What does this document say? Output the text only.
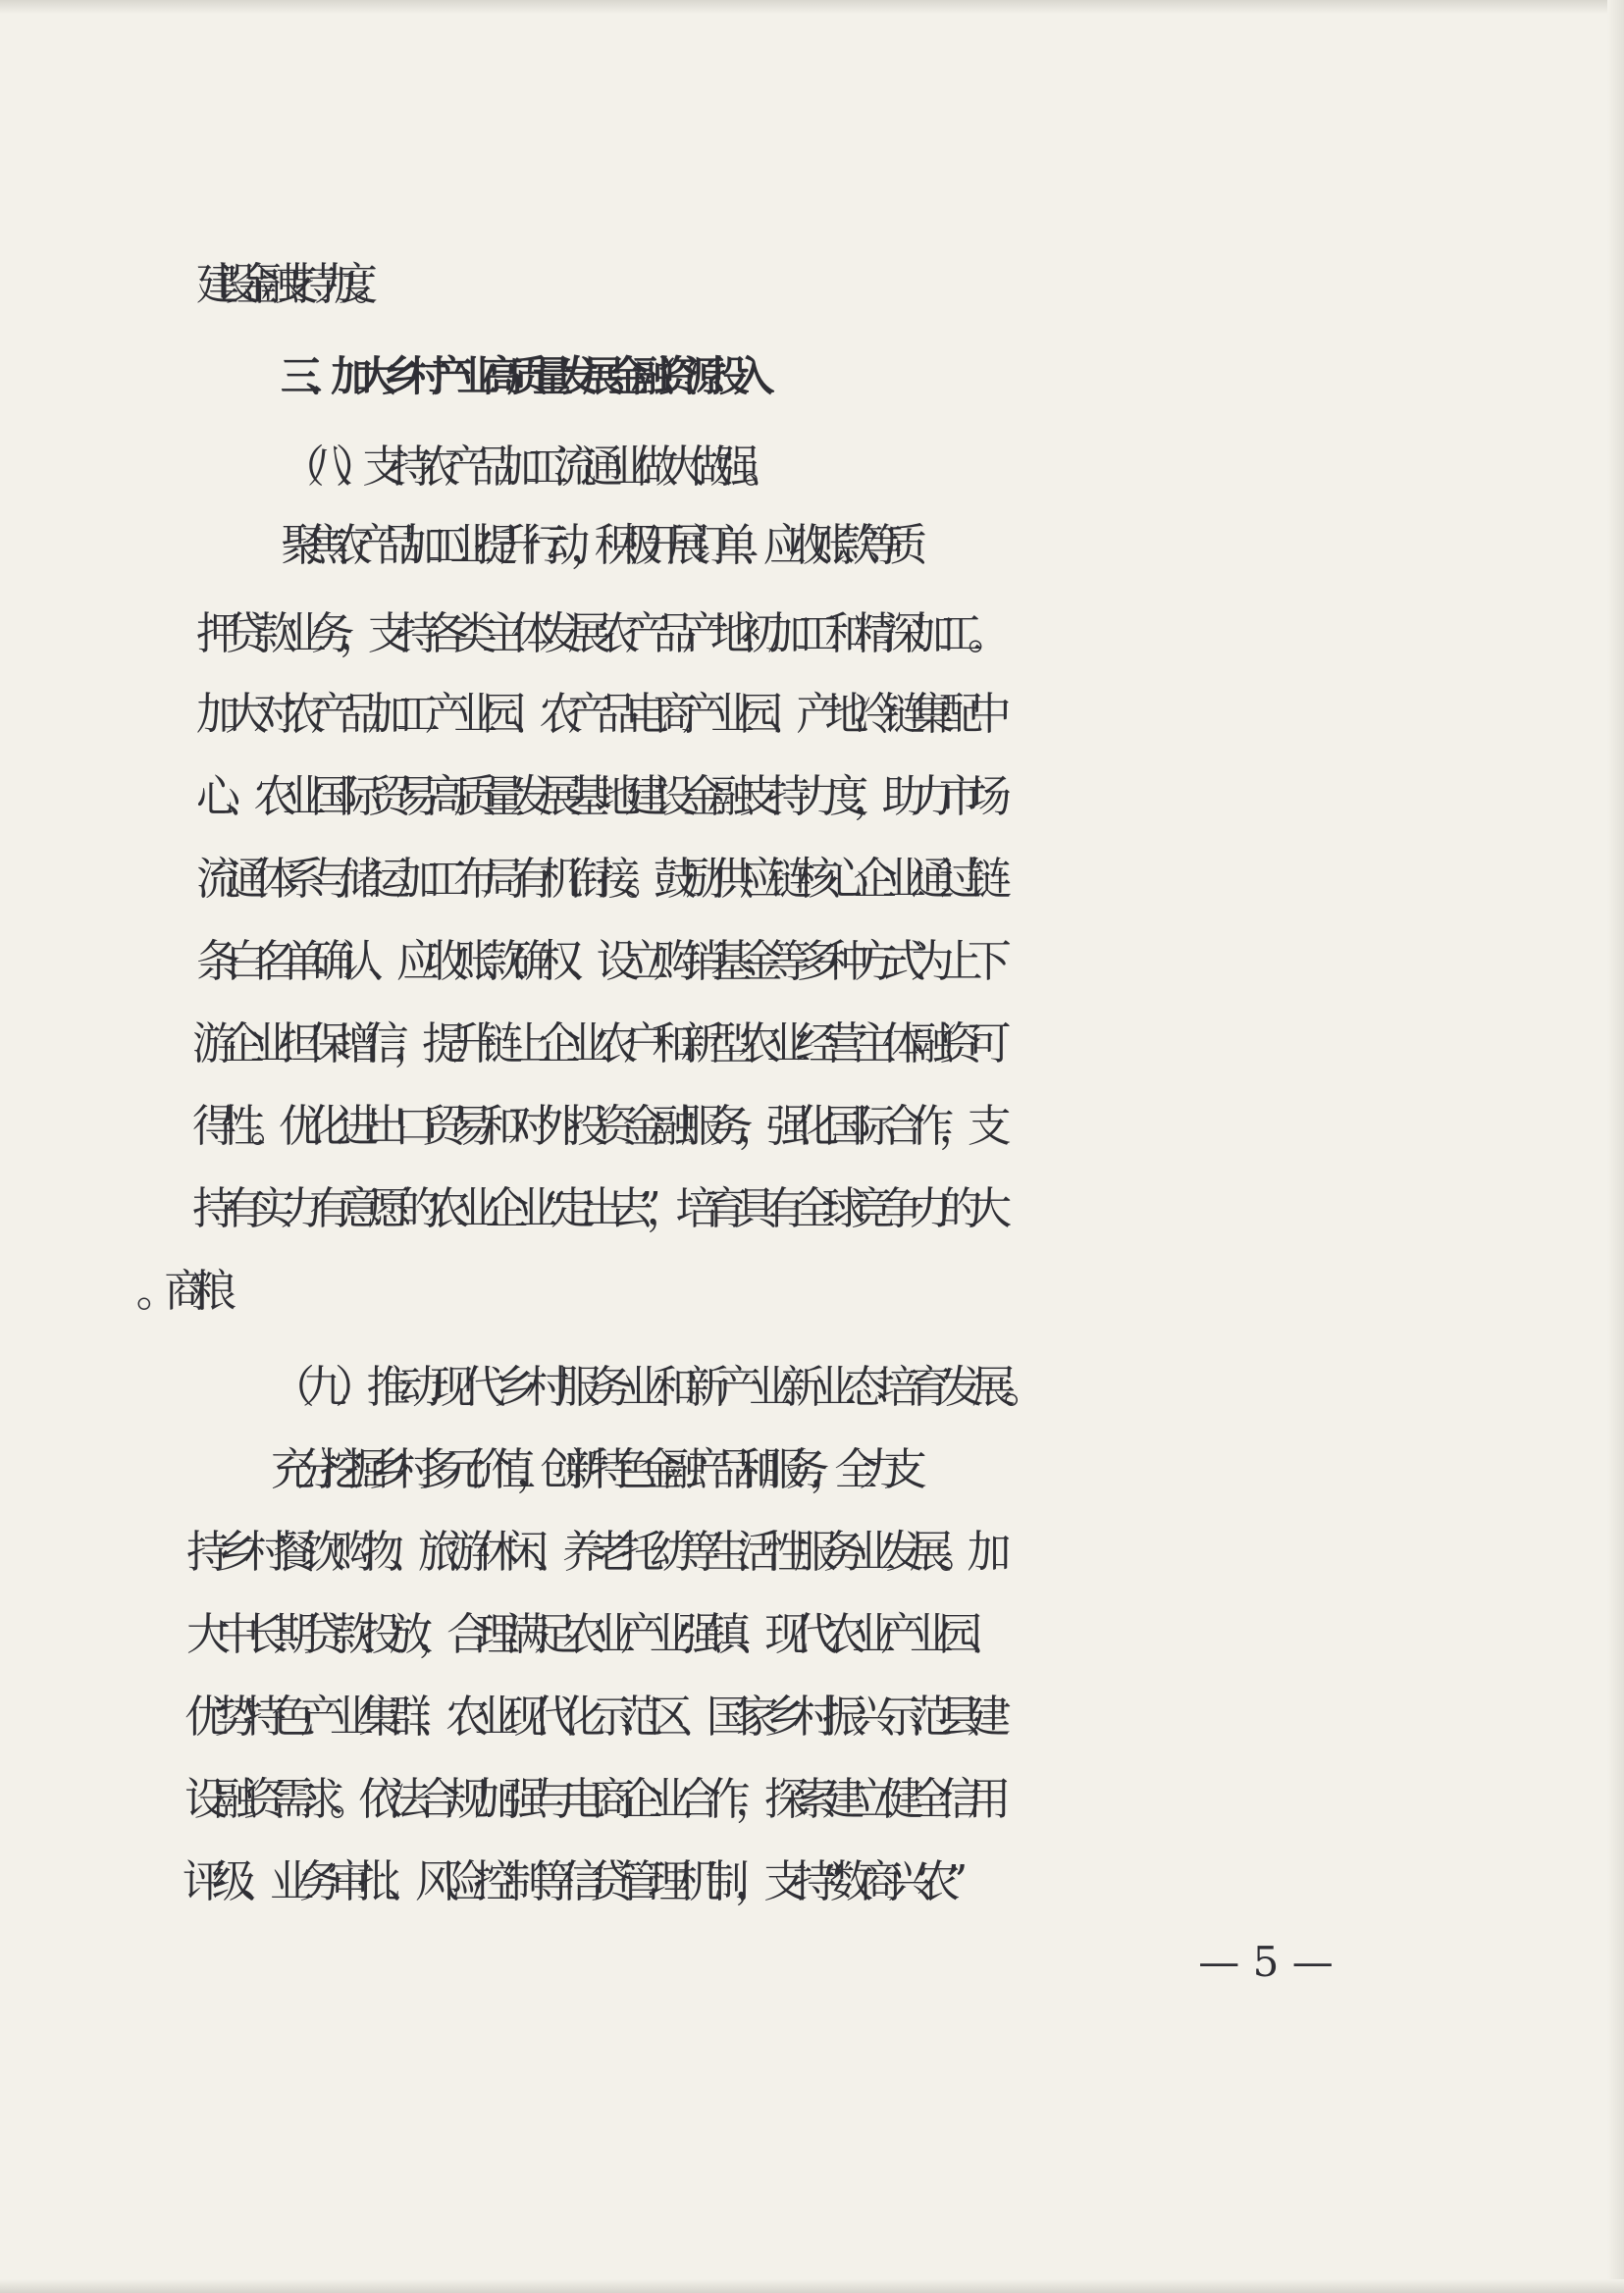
建设金融支持力度。
三、加大乡村产业高质量发展金融资源投入
（八）支持农产品加工流通业做大做强。
聚焦农产品加工业提升行动，积极开展订单、应收账款等质
押贷款业务，支持各类主体发展农产品产地初加工和精深加工。
加大对农产品加工产业园、农产品电商产业园、产地冷链集配中
心、农业国际贸易高质量发展基地建设金融支持力度，助力市场
流通体系与储运加工布局有机衔接。鼓励供应链核心企业通过链
条白名单确认、应收账款确权、设立购销基金等多种方式为上下
游企业担保增信，提升链上企业农户和新型农业经营主体融资可
得性。优化进出口贸易和对外投资金融服务，强化国际合作，支
持有实力有意愿的农业企业“走出去”，培育具有全球竞争力的大
（九）推动现代乡村服务业和新产业新业态培育发展。
充分挖掘乡村多元价值，创新特色金融产品和服务，全力支
持乡村餐饮购物、旅游休闲、养老托幼等生活性服务业发展。加
大中长期贷款投放，合理满足农业产业强镇、现代农业产业园、
优势特色产业集群、农业现代化示范区、国家乡村振兴示范县建
设融资需求。依法合规加强与电商企业合作，探索建立健全信用
评级、业务审批、风险控制等信贷管理机制，支持“数商兴农”
— 5 —
